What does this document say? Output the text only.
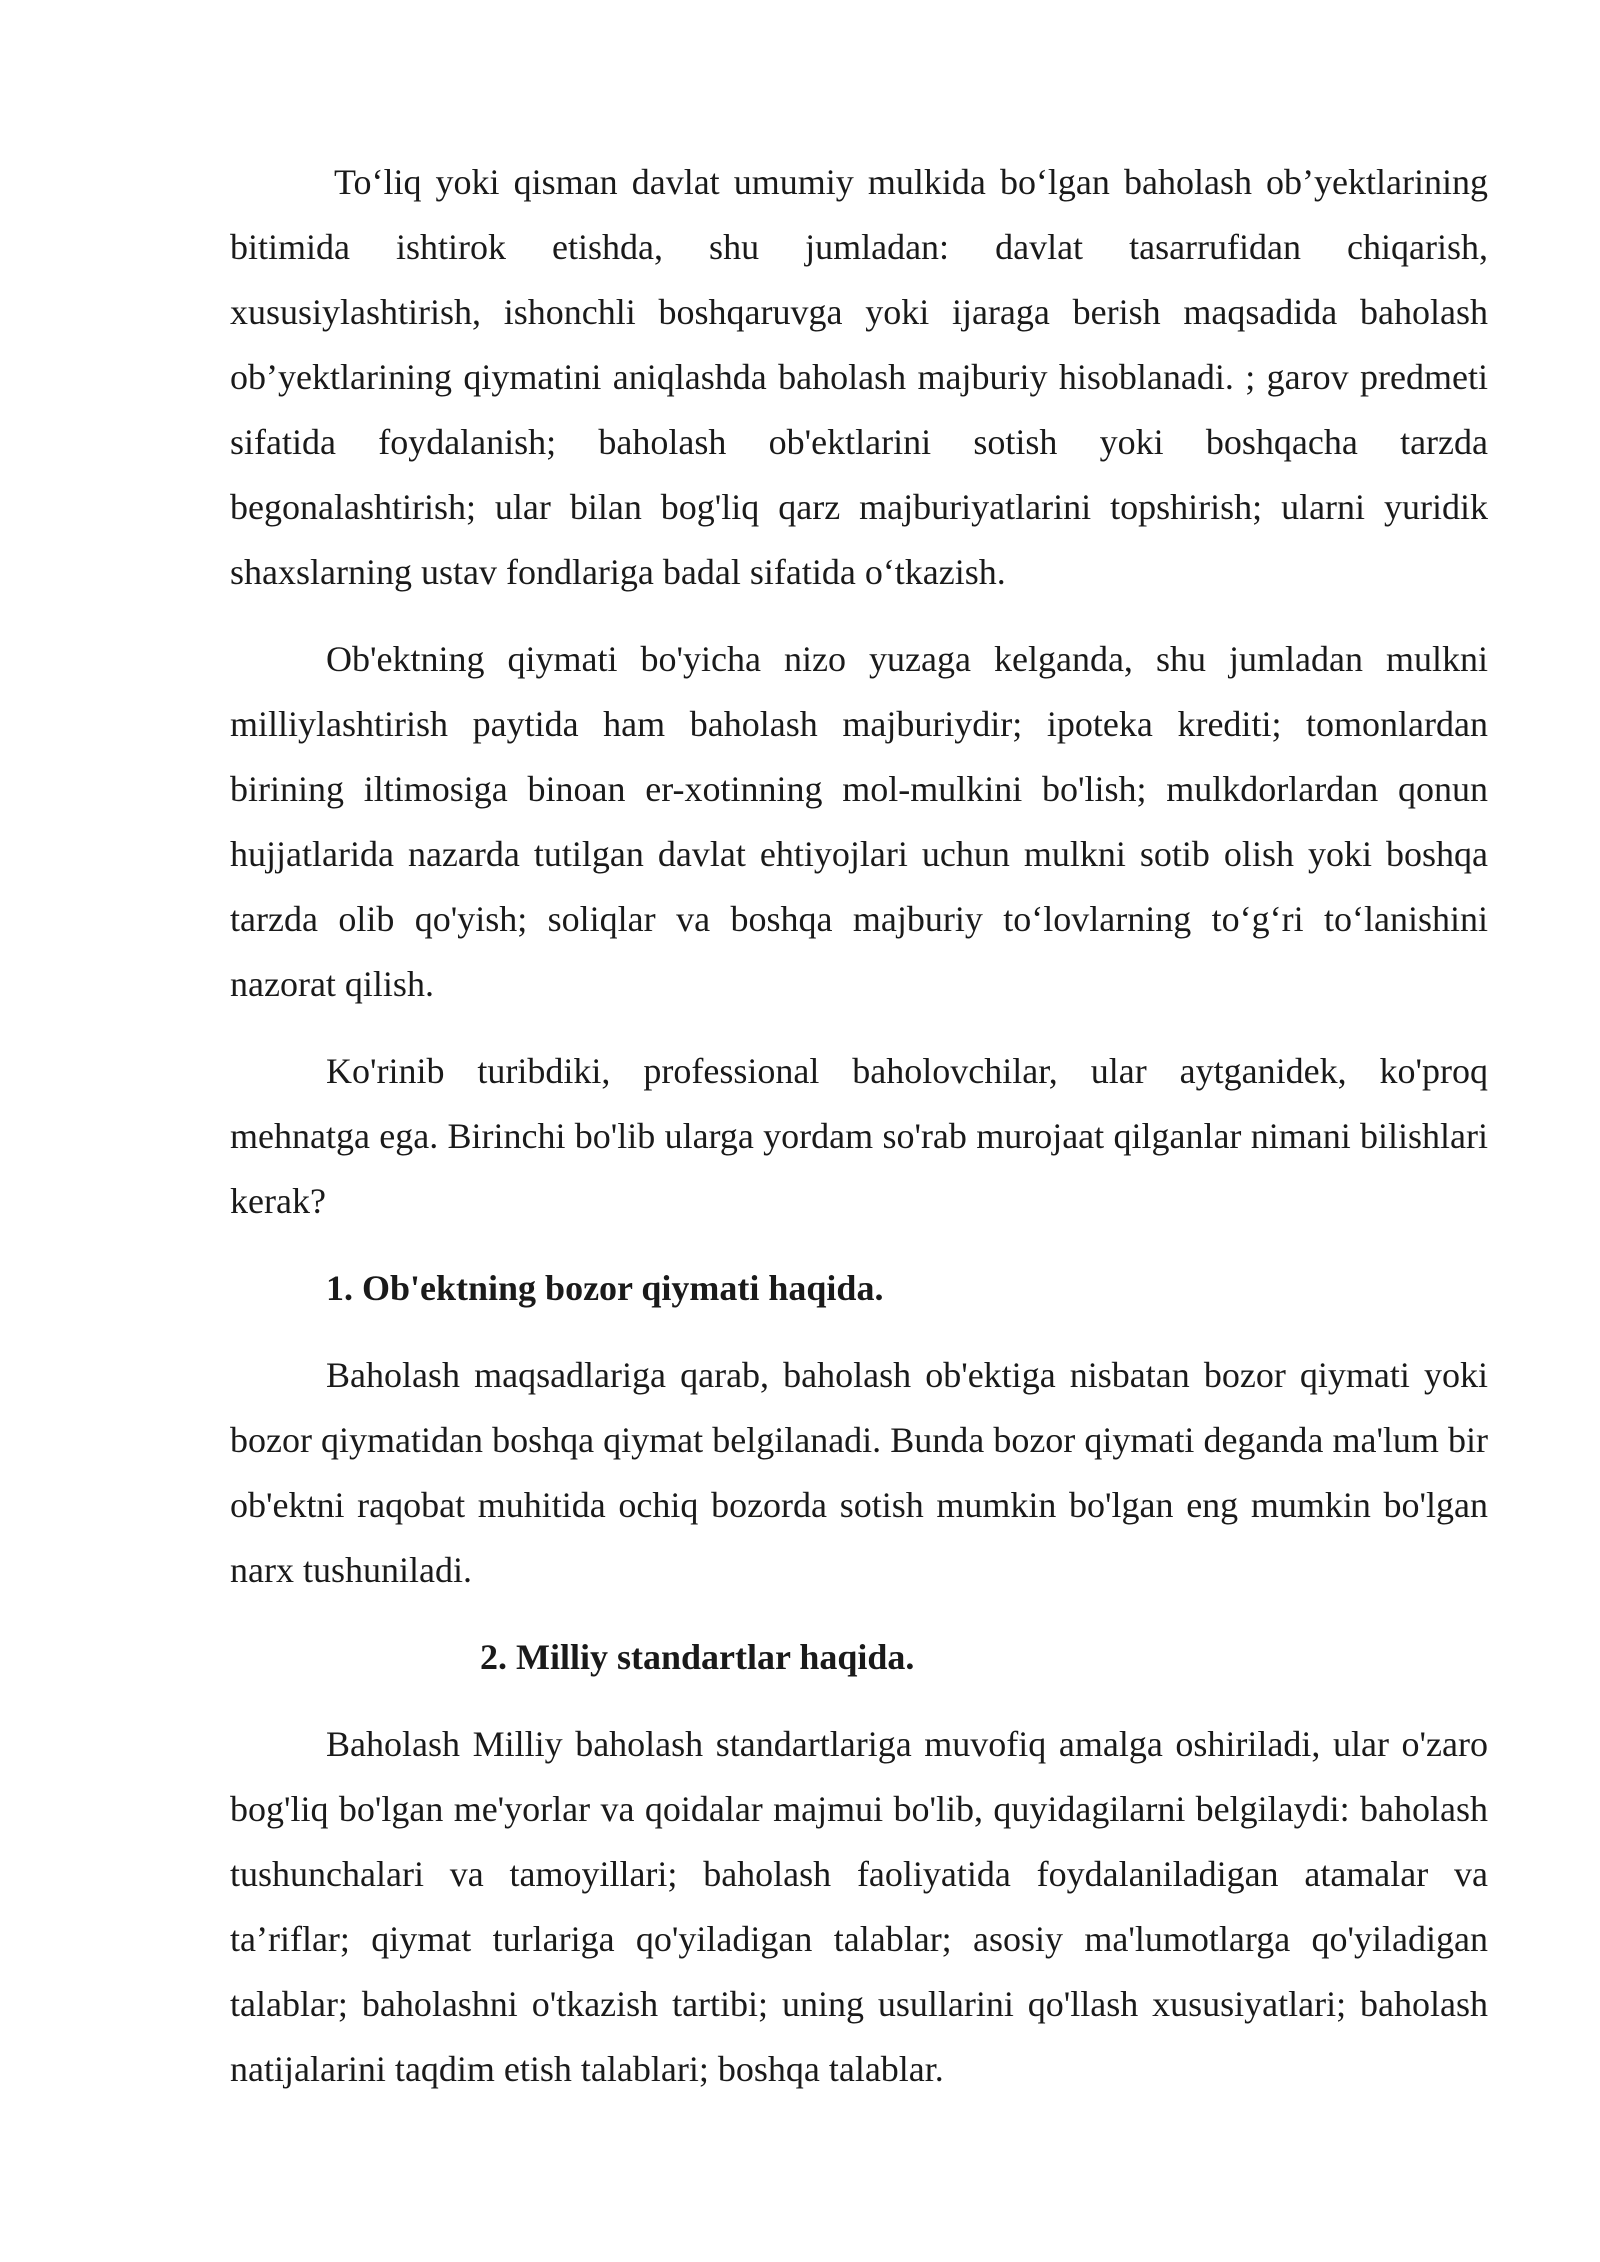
To‘liq yoki qisman davlat umumiy mulkida bo‘lgan baholash ob’yektlarining bitimida ishtirok etishda, shu jumladan: davlat tasarrufidan chiqarish, xususiylashtirish, ishonchli boshqaruvga yoki ijaraga berish maqsadida baholash ob’yektlarining qiymatini aniqlashda baholash majburiy hisoblanadi. ; garov predmeti sifatida foydalanish; baholash ob'ektlarini sotish yoki boshqacha tarzda begonalashtirish; ular bilan bog'liq qarz majburiyatlarini topshirish; ularni yuridik shaxslarning ustav fondlariga badal sifatida o‘tkazish.

Ob'ektning qiymati bo'yicha nizo yuzaga kelganda, shu jumladan mulkni milliylashtirish paytida ham baholash majburiydir; ipoteka krediti; tomonlardan birining iltimosiga binoan er-xotinning mol-mulkini bo'lish; mulkdorlardan qonun hujjatlarida nazarda tutilgan davlat ehtiyojlari uchun mulkni sotib olish yoki boshqa tarzda olib qo'yish; soliqlar va boshqa majburiy to‘lovlarning to‘g‘ri to‘lanishini nazorat qilish.

Ko'rinib turibdiki, professional baholovchilar, ular aytganidek, ko'proq mehnatga ega. Birinchi bo'lib ularga yordam so'rab murojaat qilganlar nimani bilishlari kerak?

1. Ob'ektning bozor qiymati haqida.

Baholash maqsadlariga qarab, baholash ob'ektiga nisbatan bozor qiymati yoki bozor qiymatidan boshqa qiymat belgilanadi. Bunda bozor qiymati deganda ma'lum bir ob'ektni raqobat muhitida ochiq bozorda sotish mumkin bo'lgan eng mumkin bo'lgan narx tushuniladi.

2. Milliy standartlar haqida.

Baholash Milliy baholash standartlariga muvofiq amalga oshiriladi, ular o'zaro bog'liq bo'lgan me'yorlar va qoidalar majmui bo'lib, quyidagilarni belgilaydi: baholash tushunchalari va tamoyillari; baholash faoliyatida foydalaniladigan atamalar va ta’riflar; qiymat turlariga qo'yiladigan talablar; asosiy ma'lumotlarga qo'yiladigan talablar; baholashni o'tkazish tartibi; uning usullarini qo'llash xususiyatlari; baholash natijalarini taqdim etish talablari; boshqa talablar.
